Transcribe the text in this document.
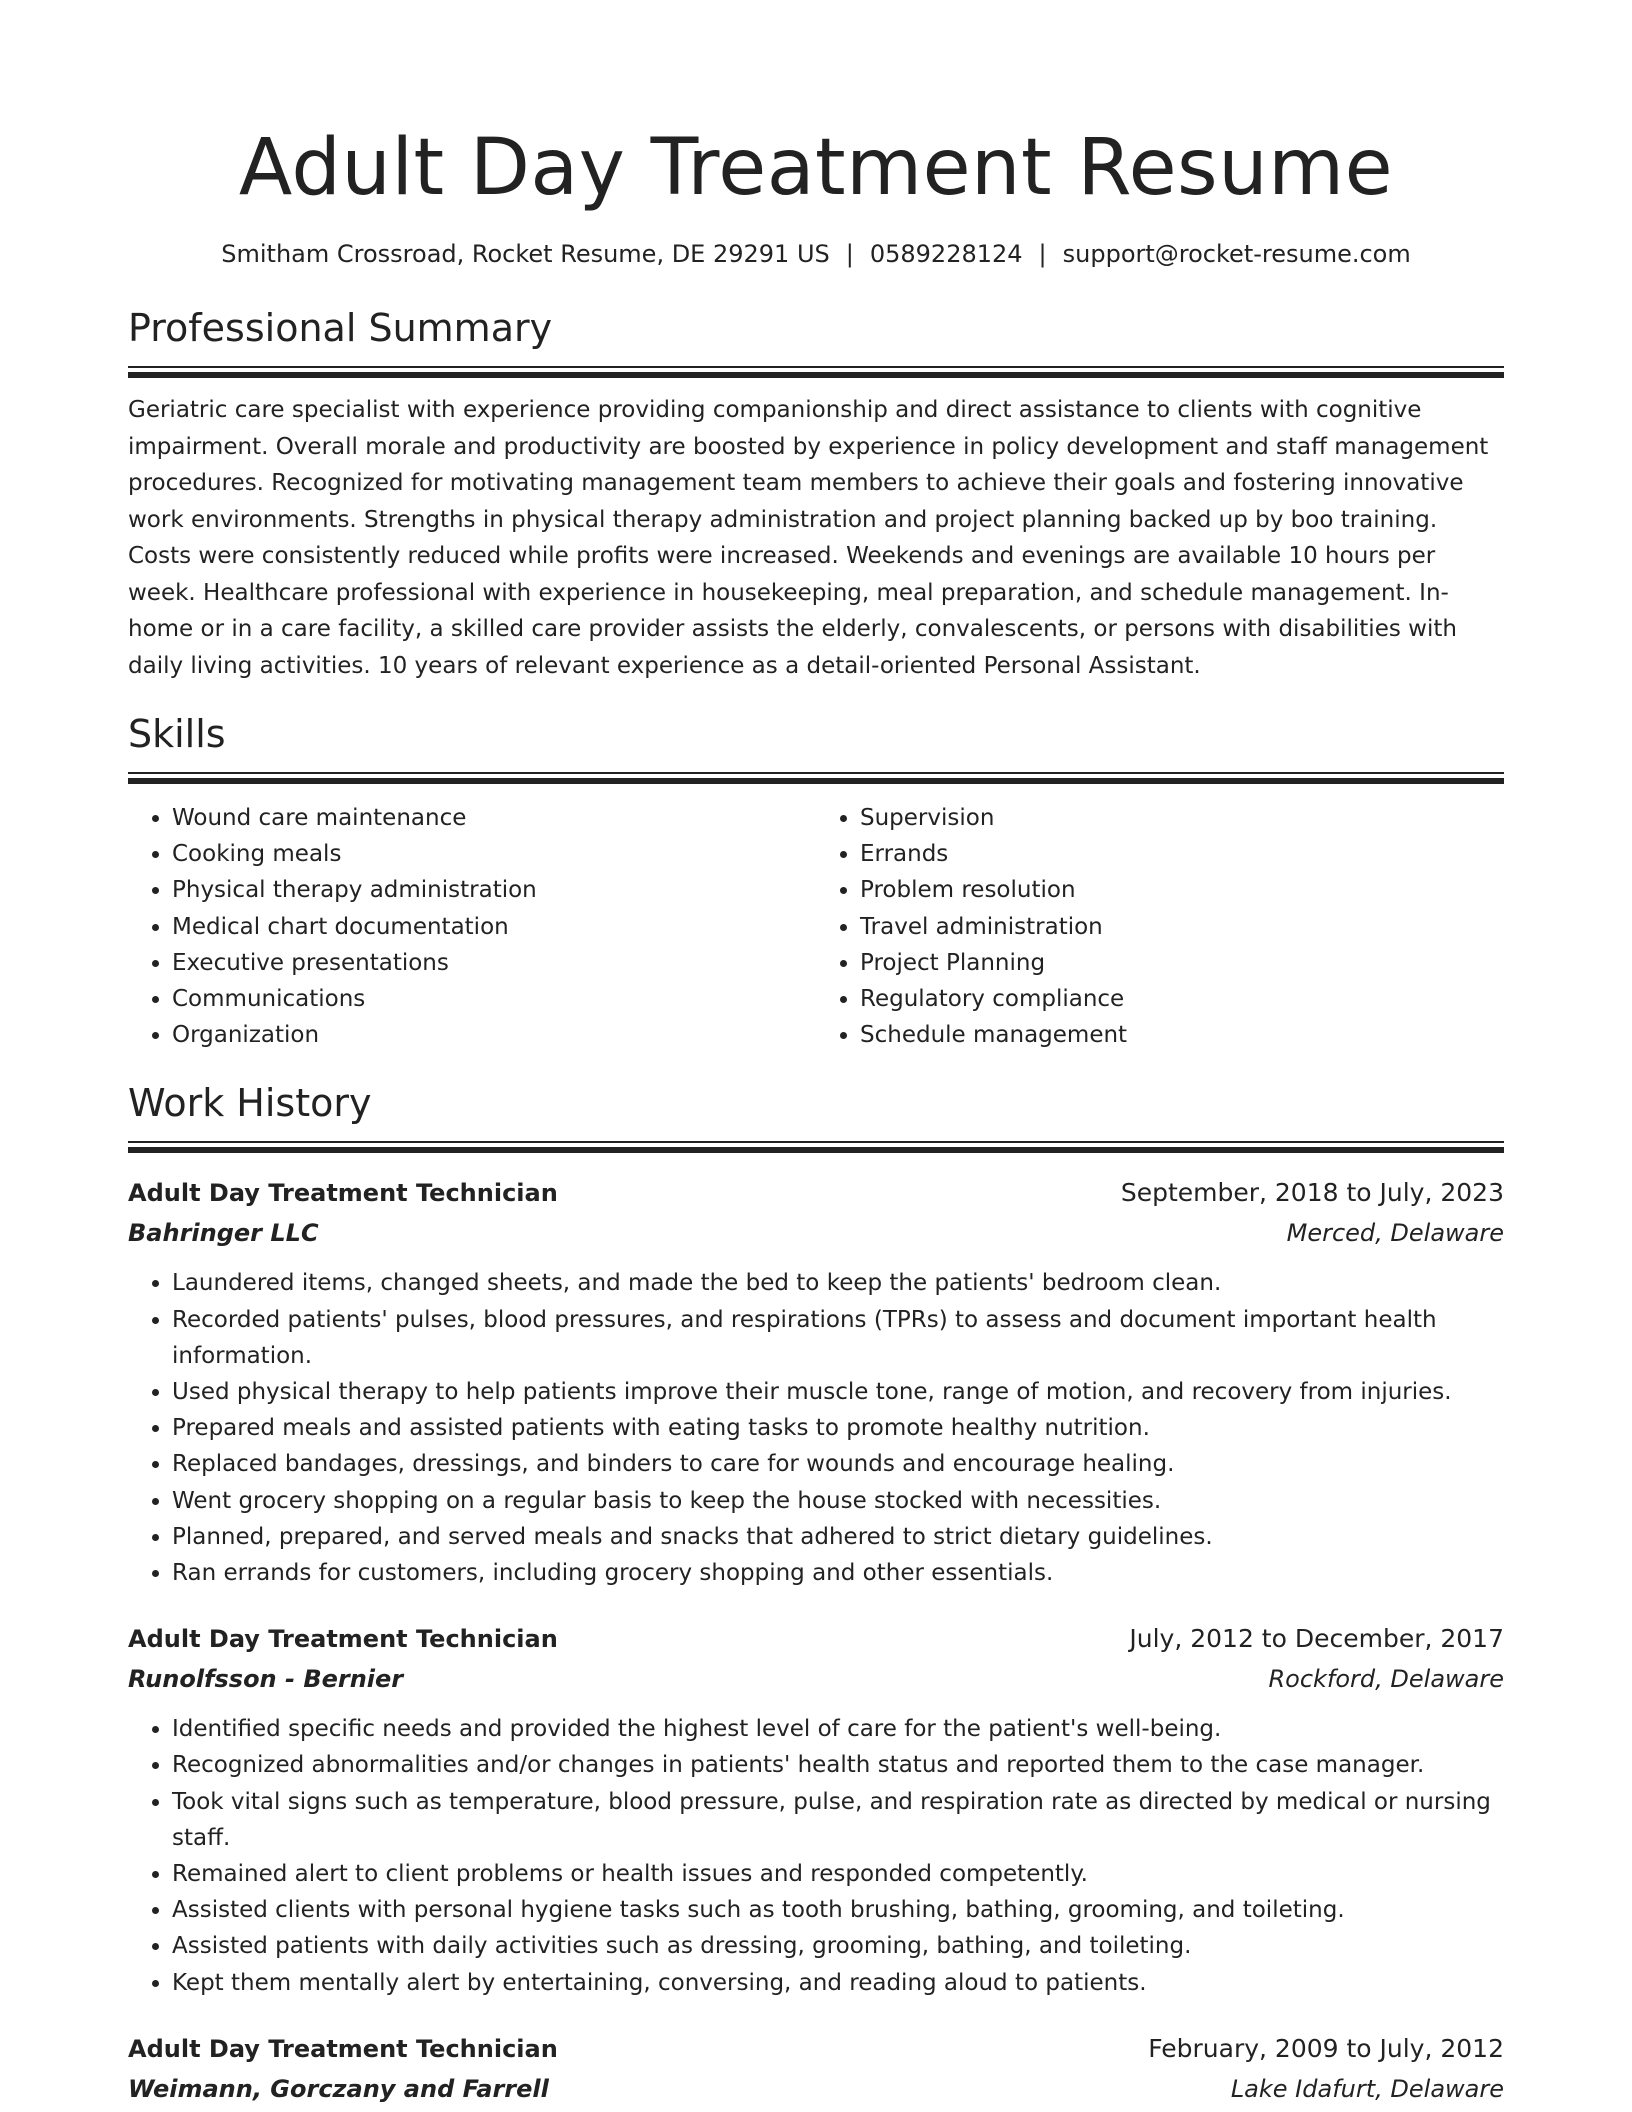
Adult Day Treatment Resume
Smitham Crossroad, Rocket Resume, DE 29291 US | 0589228124 | support@rocket-resume.com
Professional Summary

Geriatric care specialist with experience providing companionship and direct assistance to clients with cognitive impairment. Overall morale and productivity are boosted by experience in policy development and staff management procedures. Recognized for motivating management team members to achieve their goals and fostering innovative work environments. Strengths in physical therapy administration and project planning backed up by boo training. Costs were consistently reduced while profits were increased. Weekends and evenings are available 10 hours per week. Healthcare professional with experience in housekeeping, meal preparation, and schedule management. In-home or in a care facility, a skilled care provider assists the elderly, convalescents, or persons with disabilities with daily living activities. 10 years of relevant experience as a detail-oriented Personal Assistant.

Skills
• Wound care maintenance
• Cooking meals
• Physical therapy administration
• Medical chart documentation
• Executive presentations
• Communications
• Organization
• Supervision
• Errands
• Problem resolution
• Travel administration
• Project Planning
• Regulatory compliance
• Schedule management
Work History
Adult Day Treatment Technician	September, 2018 to July, 2023
Bahringer LLC	Merced, Delaware
• Laundered items, changed sheets, and made the bed to keep the patients' bedroom clean.
• Recorded patients' pulses, blood pressures, and respirations (TPRs) to assess and document important health information.
• Used physical therapy to help patients improve their muscle tone, range of motion, and recovery from injuries.
• Prepared meals and assisted patients with eating tasks to promote healthy nutrition.
• Replaced bandages, dressings, and binders to care for wounds and encourage healing.
• Went grocery shopping on a regular basis to keep the house stocked with necessities.
• Planned, prepared, and served meals and snacks that adhered to strict dietary guidelines.
• Ran errands for customers, including grocery shopping and other essentials.
Adult Day Treatment Technician	July, 2012 to December, 2017
Runolfsson - Bernier	Rockford, Delaware
• Identified specific needs and provided the highest level of care for the patient's well-being.
• Recognized abnormalities and/or changes in patients' health status and reported them to the case manager.
• Took vital signs such as temperature, blood pressure, pulse, and respiration rate as directed by medical or nursing staff.
• Remained alert to client problems or health issues and responded competently.
• Assisted clients with personal hygiene tasks such as tooth brushing, bathing, grooming, and toileting.
• Assisted patients with daily activities such as dressing, grooming, bathing, and toileting.
• Kept them mentally alert by entertaining, conversing, and reading aloud to patients.
Adult Day Treatment Technician	February, 2009 to July, 2012
Weimann, Gorczany and Farrell	Lake Idafurt, Delaware
